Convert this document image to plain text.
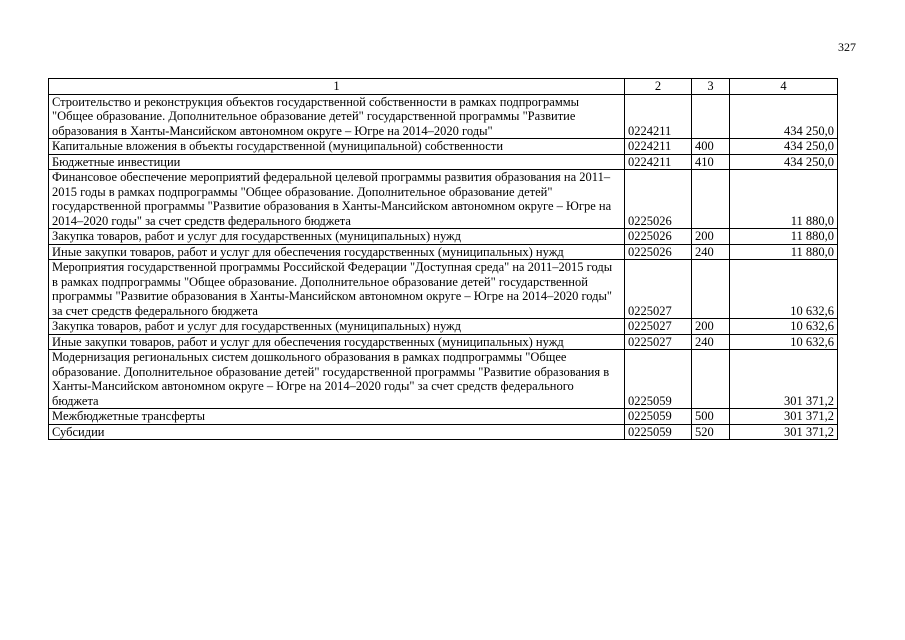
327
1	2	3	4
Строительство и реконструкция объектов государственной собственности в рамках подпрограммы "Общее образование. Дополнительное образование детей" государственной программы "Развитие образования в Ханты-Мансийском автономном округе – Югре на 2014–2020 годы"	0224211		434 250,0
Капитальные вложения в объекты государственной (муниципальной) собственности	0224211	400	434 250,0
Бюджетные инвестиции	0224211	410	434 250,0
Финансовое обеспечение мероприятий федеральной целевой программы развития образования на 2011–2015 годы в рамках подпрограммы "Общее образование. Дополнительное образование детей" государственной программы "Развитие образования в Ханты-Мансийском автономном округе – Югре на 2014–2020 годы" за счет средств федерального бюджета	0225026		11 880,0
Закупка товаров, работ и услуг для государственных (муниципальных) нужд	0225026	200	11 880,0
Иные закупки товаров, работ и услуг для обеспечения государственных (муниципальных) нужд	0225026	240	11 880,0
Мероприятия государственной программы Российской Федерации "Доступная среда" на 2011–2015 годы в рамках подпрограммы "Общее образование. Дополнительное образование детей" государственной программы "Развитие образования в Ханты-Мансийском автономном округе – Югре на 2014–2020 годы" за счет средств федерального бюджета	0225027		10 632,6
Закупка товаров, работ и услуг для государственных (муниципальных) нужд	0225027	200	10 632,6
Иные закупки товаров, работ и услуг для обеспечения государственных (муниципальных) нужд	0225027	240	10 632,6
Модернизация региональных систем дошкольного образования в рамках подпрограммы "Общее образование. Дополнительное образование детей" государственной программы "Развитие образования в Ханты-Мансийском автономном округе – Югре на 2014–2020 годы" за счет средств федерального бюджета	0225059		301 371,2
Межбюджетные трансферты	0225059	500	301 371,2
Субсидии	0225059	520	301 371,2
